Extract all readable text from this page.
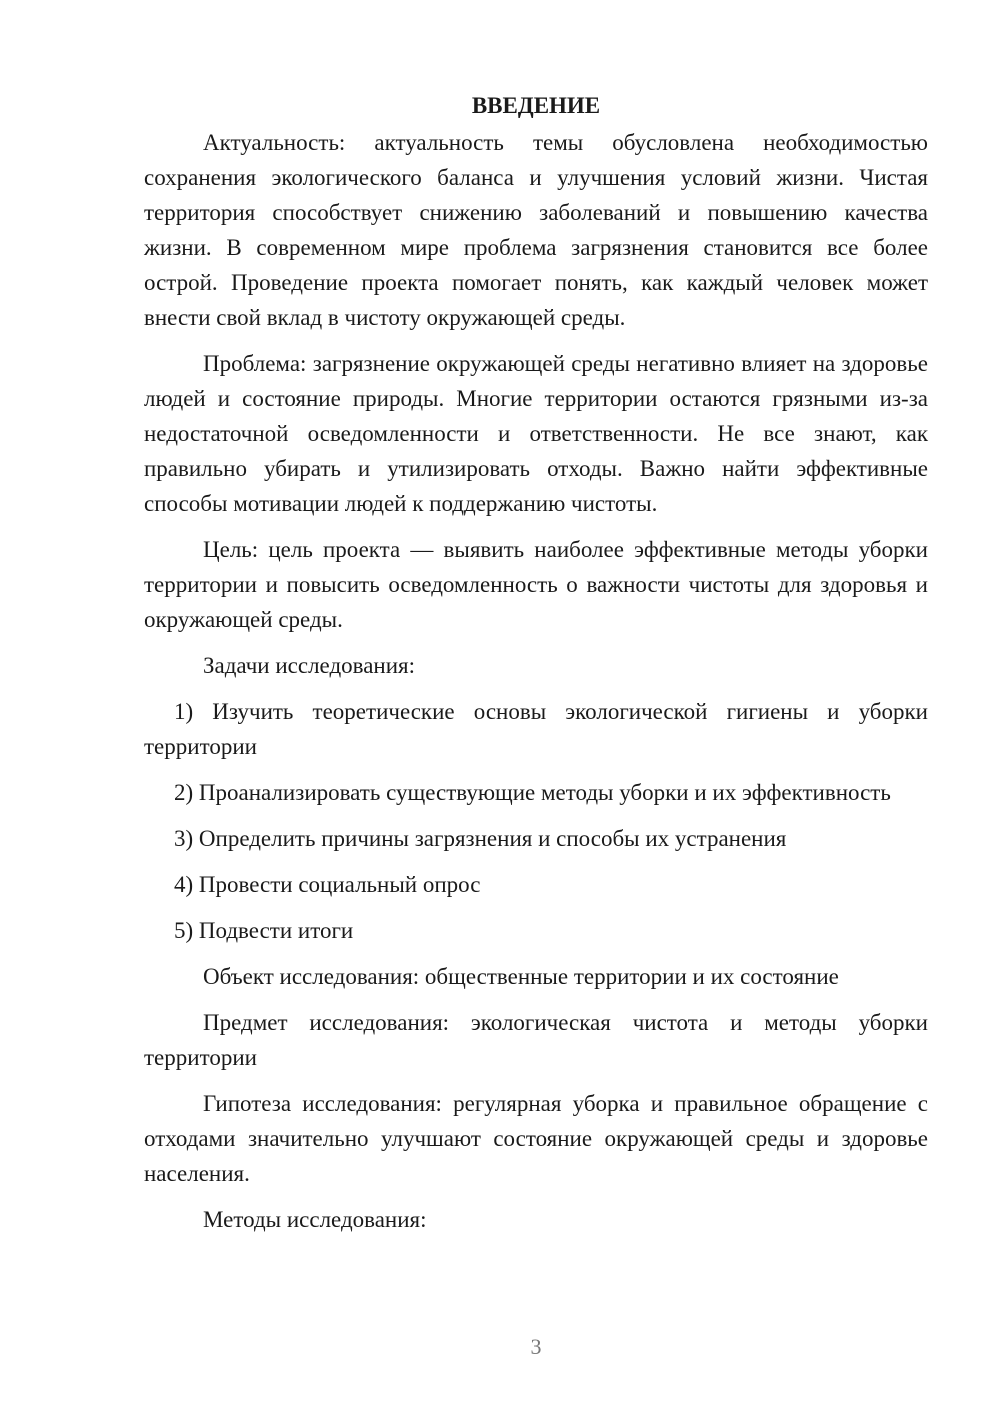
ВВЕДЕНИЕ

Актуальность: актуальность темы обусловлена необходимостью сохранения экологического баланса и улучшения условий жизни. Чистая территория способствует снижению заболеваний и повышению качества жизни. В современном мире проблема загрязнения становится все более острой. Проведение проекта помогает понять, как каждый человек может внести свой вклад в чистоту окружающей среды.

Проблема: загрязнение окружающей среды негативно влияет на здоровье людей и состояние природы. Многие территории остаются грязными из-за недостаточной осведомленности и ответственности. Не все знают, как правильно убирать и утилизировать отходы. Важно найти эффективные способы мотивации людей к поддержанию чистоты.

Цель: цель проекта — выявить наиболее эффективные методы уборки территории и повысить осведомленность о важности чистоты для здоровья и окружающей среды.

Задачи исследования:

1) Изучить теоретические основы экологической гигиены и уборки территории

2) Проанализировать существующие методы уборки и их эффективность

3) Определить причины загрязнения и способы их устранения

4) Провести социальный опрос

5) Подвести итоги

Объект исследования: общественные территории и их состояние

Предмет исследования: экологическая чистота и методы уборки территории

Гипотеза исследования: регулярная уборка и правильное обращение с отходами значительно улучшают состояние окружающей среды и здоровье населения.

Методы исследования:

3
